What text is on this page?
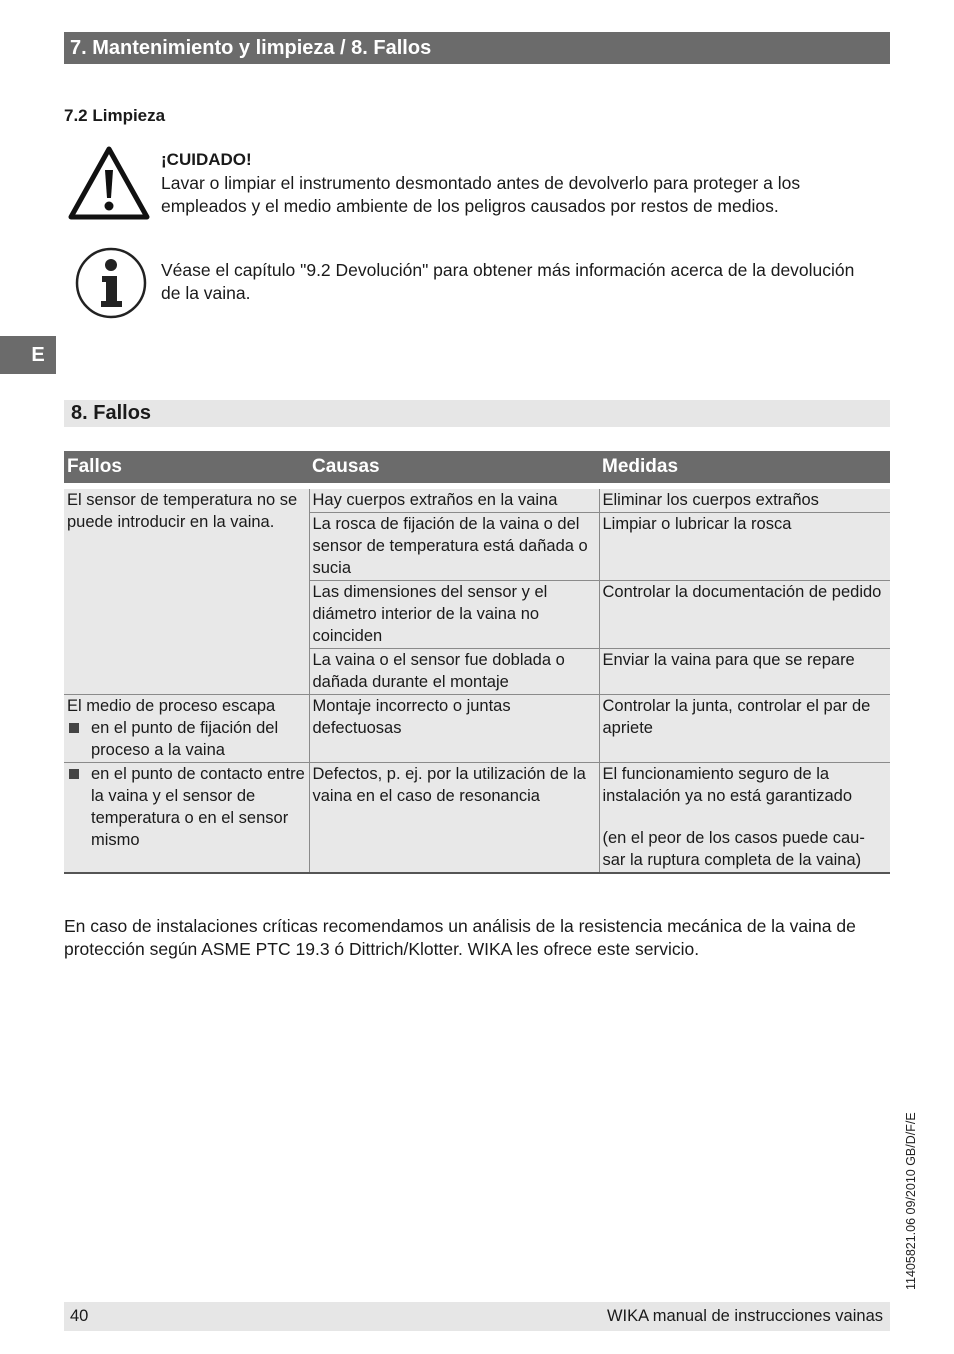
7. Mantenimiento y limpieza / 8. Fallos
7.2 Limpieza
¡CUIDADO!
Lavar o limpiar el instrumento desmontado antes de devolverlo para proteger a los empleados y el medio ambiente de los peligros causados por restos de medios.
Véase el capítulo "9.2 Devolución" para obtener más información acerca de la devolución de la vaina.
E
8. Fallos
Fallos	Causas	Medidas

El sensor de temperatura no se puede introducir en la vaina.	Hay cuerpos extraños en la vaina	Eliminar los cuerpos extraños
	La rosca de fijación de la vaina o del sensor de temperatura está dañada o sucia	Limpiar o lubricar la rosca
	Las dimensiones del sensor y el diámetro interior de la vaina no coinciden	Controlar la documentación de pedido
	La vaina o el sensor fue doblada o dañada durante el montaje	Enviar la vaina para que se repare

El medio de proceso escapa
en el punto de fijación del proceso a la vaina	Montaje incorrecto o juntas defectuosas	Controlar la junta, controlar el par de apriete

en el punto de contacto entre la vaina y el sensor de temperatura o en el sensor mismo	Defectos, p. ej. por la utilización de la vaina en el caso de resonancia	El funcionamiento seguro de la instalación ya no está garantizado
(en el peor de los casos puede cau-sar la ruptura completa de la vaina)
En caso de instalaciones críticas recomendamos un análisis de la resistencia mecánica de la vaina de protección según ASME PTC 19.3 ó Dittrich/Klotter. WIKA les ofrece este servicio.
11405821.06 09/2010 GB/D/F/E
40	WIKA manual de instrucciones vainas
